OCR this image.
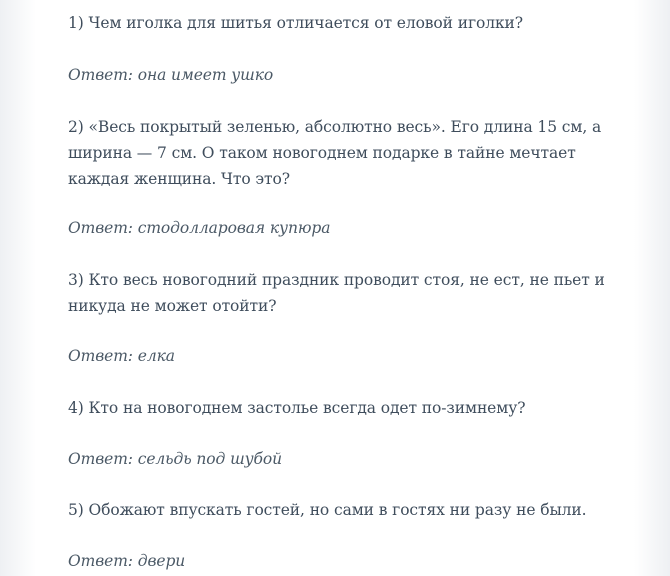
1) Чем иголка для шитья отличается от еловой иголки?

Ответ: она имеет ушко

2) «Весь покрытый зеленью, абсолютно весь». Его длина 15 см, а ширина — 7 см. О таком новогоднем подарке в тайне мечтает каждая женщина. Что это?

Ответ: стодолларовая купюра

3) Кто весь новогодний праздник проводит стоя, не ест, не пьет и никуда не может отойти?

Ответ: елка

4) Кто на новогоднем застолье всегда одет по-зимнему?

Ответ: сельдь под шубой

5) Обожают впускать гостей, но сами в гостях ни разу не были.

Ответ: двери
